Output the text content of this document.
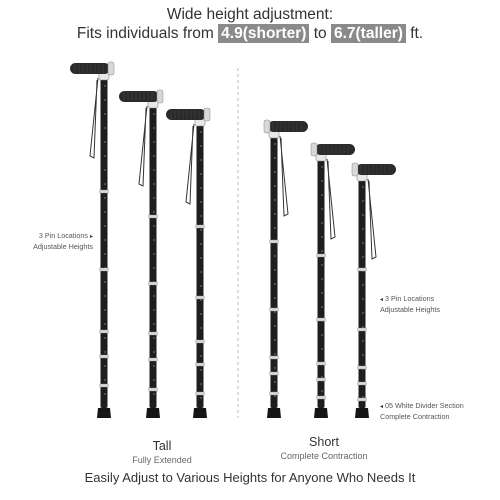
Wide height adjustment:
Fits individuals from 4.9(shorter) to 6.7(taller) ft.
3 Pin Locations ▸
Adjustable Heights
◂ 3 Pin Locations
Adjustable Heights
◂ 05 White Divider Section
Complete Contraction
Tall
Fully Extended
Short
Complete Contraction
Easily Adjust to Various Heights for Anyone Who Needs It
